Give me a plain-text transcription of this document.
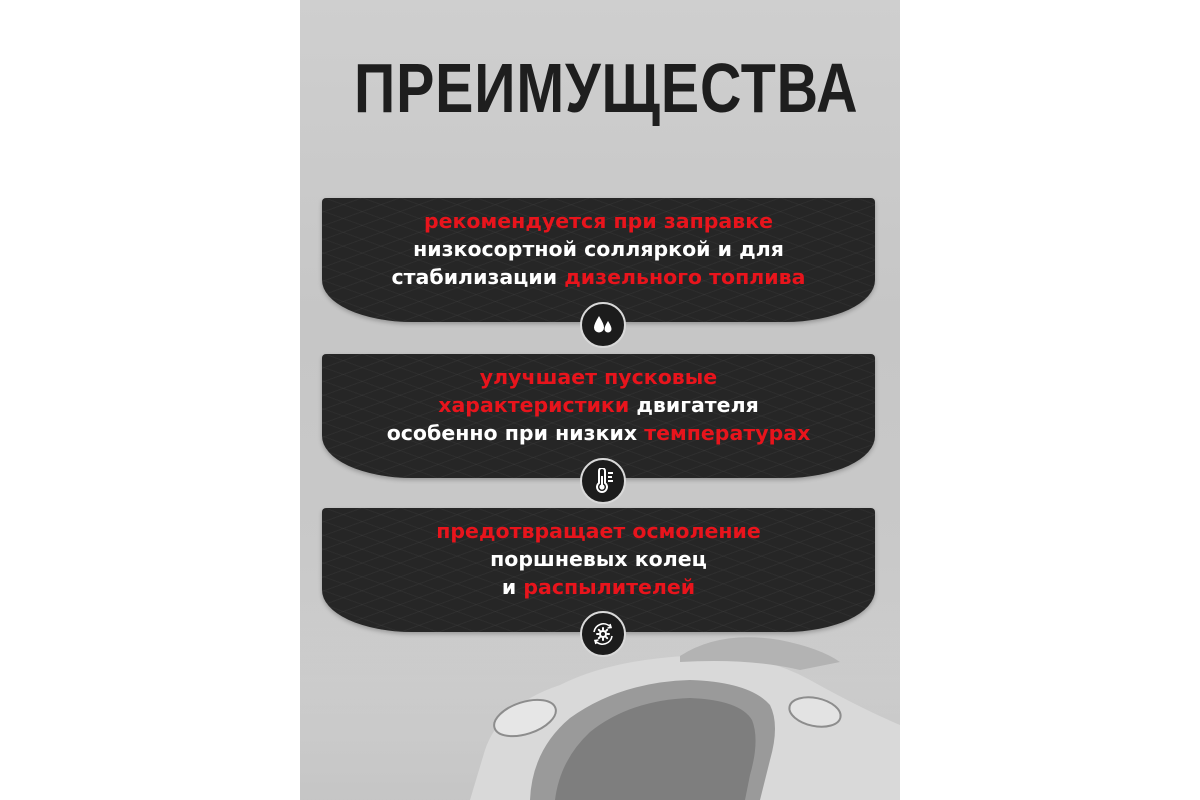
ПРЕИМУЩЕСТВА
рекомендуется при заправке
низкосортной солляркой и для
стабилизации дизельного топлива
улучшает пусковые
характеристики двигателя
особенно при низких температурах
предотвращает осмоление
поршневых колец
и распылителей
